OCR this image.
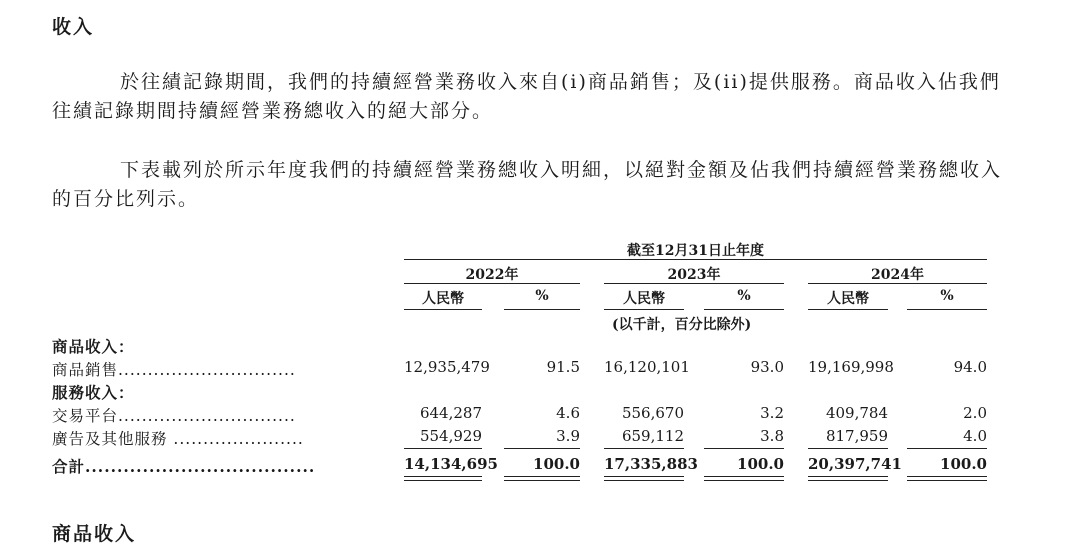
收入

於往績記錄期間，我們的持續經營業務收入來自(i)商品銷售；及(ii)提供服務。商品收入佔我們往績記錄期間持續經營業務總收入的絕大部分。

下表載列於所示年度我們的持續經營業務總收入明細，以絕對金額及佔我們持續經營業務總收入的百分比列示。

截至12月31日止年度
2022年	2023年	2024年
人民幣	%	人民幣	%	人民幣	%
(以千計，百分比除外)
商品收入：
商品銷售..............................	12,935,479	91.5 16,120,101	93.0 19,169,998	94.0
服務收入：
交易平台..............................	644,287	4.6	556,670	3.2	409,784	2.0
廣告及其他服務 ......................	554,929	3.9	659,112	3.8	817,959	4.0
合計....................................	14,134,695	100.0 17,335,883	100.0 20,397,741	100.0
商品收入
